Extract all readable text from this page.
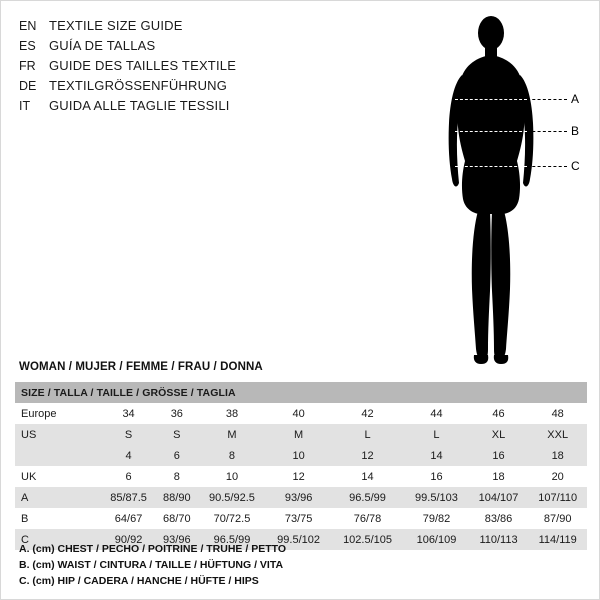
EN TEXTILE SIZE GUIDE
ES	GUÍA DE TALLAS
FR	GUIDE DES TAILLES TEXTILE
DE TEXTILGRÖSSENFÜHRUNG
IT	GUIDA ALLE TAGLIE TESSILI	A
B
C
WOMAN / MUJER / FEMME / FRAU / DONNA
SIZE / TALLA / TAILLE / GRÖSSE / TAGLIA								
Europe	34	36	38	40	42	44	46	48
US	S	S	M	M	L	L	XL	XXL
	4	6	8	10	12	14	16	18
UK	6	8	10	12	14	16	18	20
A	85/87.5	88/90	90.5/92.5	93/96	96.5/99	99.5/103	104/107	107/110
B	64/67	68/70	70/72.5	73/75	76/78	79/82	83/86	87/90
C	90/92	93/96	96.5/99	99.5/102	102.5/105	106/109	110/113	114/119
A. (cm) CHEST / PECHO / POITRINE / TRUHE / PETTO
B. (cm) WAIST / CINTURA / TAILLE / HÜFTUNG / VITA
C. (cm) HIP / CADERA / HANCHE / HÜFTE / HIPS
